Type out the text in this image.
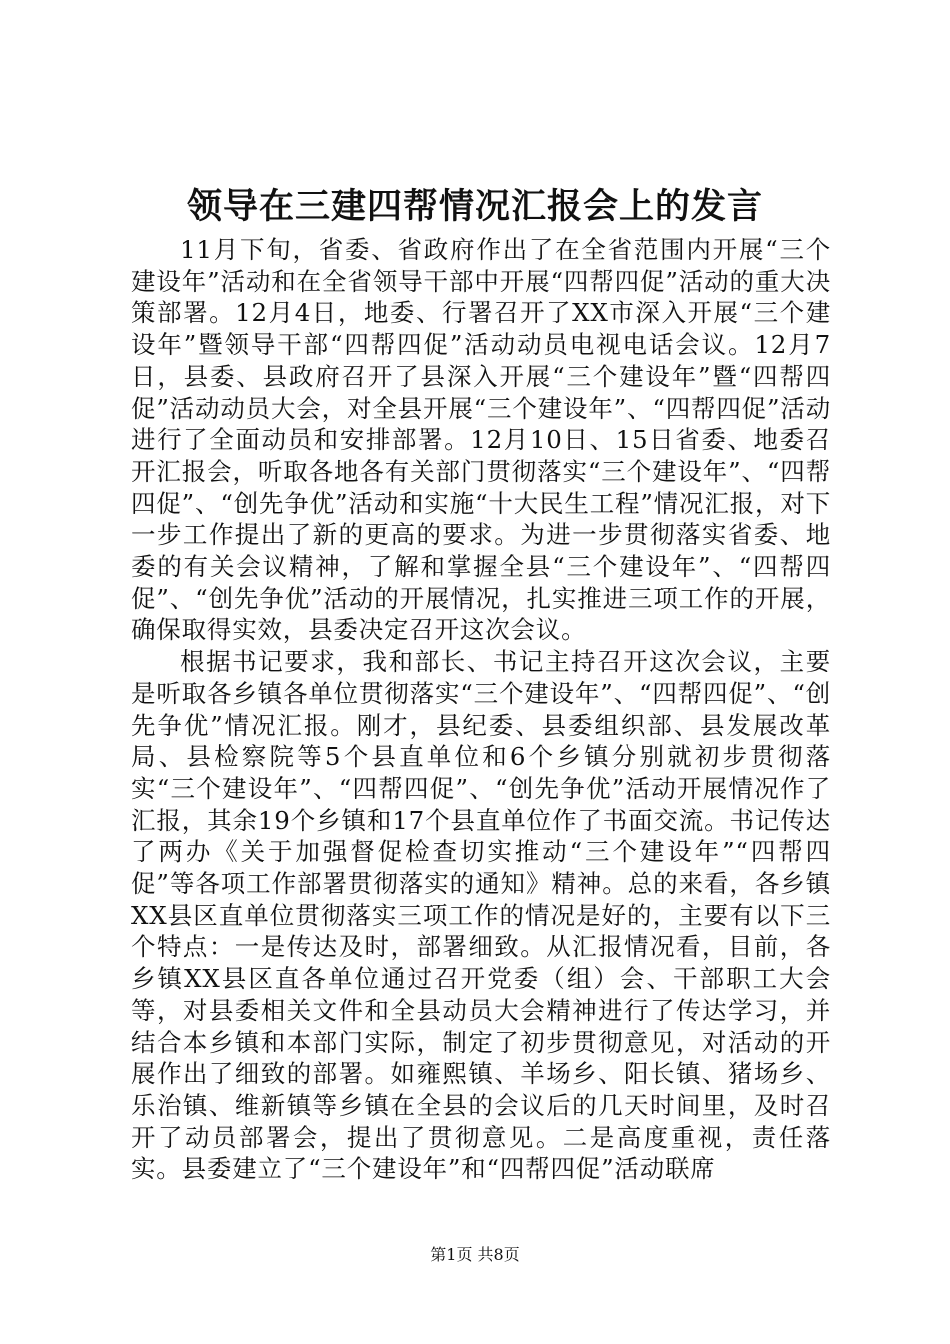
领导在三建四帮情况汇报会上的发言

11月下旬，省委、省政府作出了在全省范围内开展“三个建设年”活动和在全省领导干部中开展“四帮四促”活动的重大决策部署。12月4日，地委、行署召开了XX市深入开展“三个建设年”暨领导干部“四帮四促”活动动员电视电话会议。12月7日，县委、县政府召开了县深入开展“三个建设年”暨“四帮四促”活动动员大会，对全县开展“三个建设年”、“四帮四促”活动进行了全面动员和安排部署。12月10日、15日省委、地委召开汇报会，听取各地各有关部门贯彻落实“三个建设年”、“四帮四促”、“创先争优”活动和实施“十大民生工程”情况汇报，对下一步工作提出了新的更高的要求。为进一步贯彻落实省委、地委的有关会议精神，了解和掌握全县“三个建设年”、“四帮四促”、“创先争优”活动的开展情况，扎实推进三项工作的开展，确保取得实效，县委决定召开这次会议。

根据书记要求，我和部长、书记主持召开这次会议，主要是听取各乡镇各单位贯彻落实“三个建设年”、“四帮四促”、“创先争优”情况汇报。刚才，县纪委、县委组织部、县发展改革局、县检察院等5个县直单位和6个乡镇分别就初步贯彻落实“三个建设年”、“四帮四促”、“创先争优”活动开展情况作了汇报，其余19个乡镇和17个县直单位作了书面交流。书记传达了两办《关于加强督促检查切实推动“三个建设年”“四帮四促”等各项工作部署贯彻落实的通知》精神。总的来看，各乡镇XX县区直单位贯彻落实三项工作的情况是好的，主要有以下三个特点：一是传达及时，部署细致。从汇报情况看，目前，各乡镇XX县区直各单位通过召开党委（组）会、干部职工大会等，对县委相关文件和全县动员大会精神进行了传达学习，并结合本乡镇和本部门实际，制定了初步贯彻意见，对活动的开展作出了细致的部署。如雍熙镇、羊场乡、阳长镇、猪场乡、乐治镇、维新镇等乡镇在全县的会议后的几天时间里，及时召开了动员部署会，提出了贯彻意见。二是高度重视，责任落实。县委建立了“三个建设年”和“四帮四促”活动联席

第1页 共8页
